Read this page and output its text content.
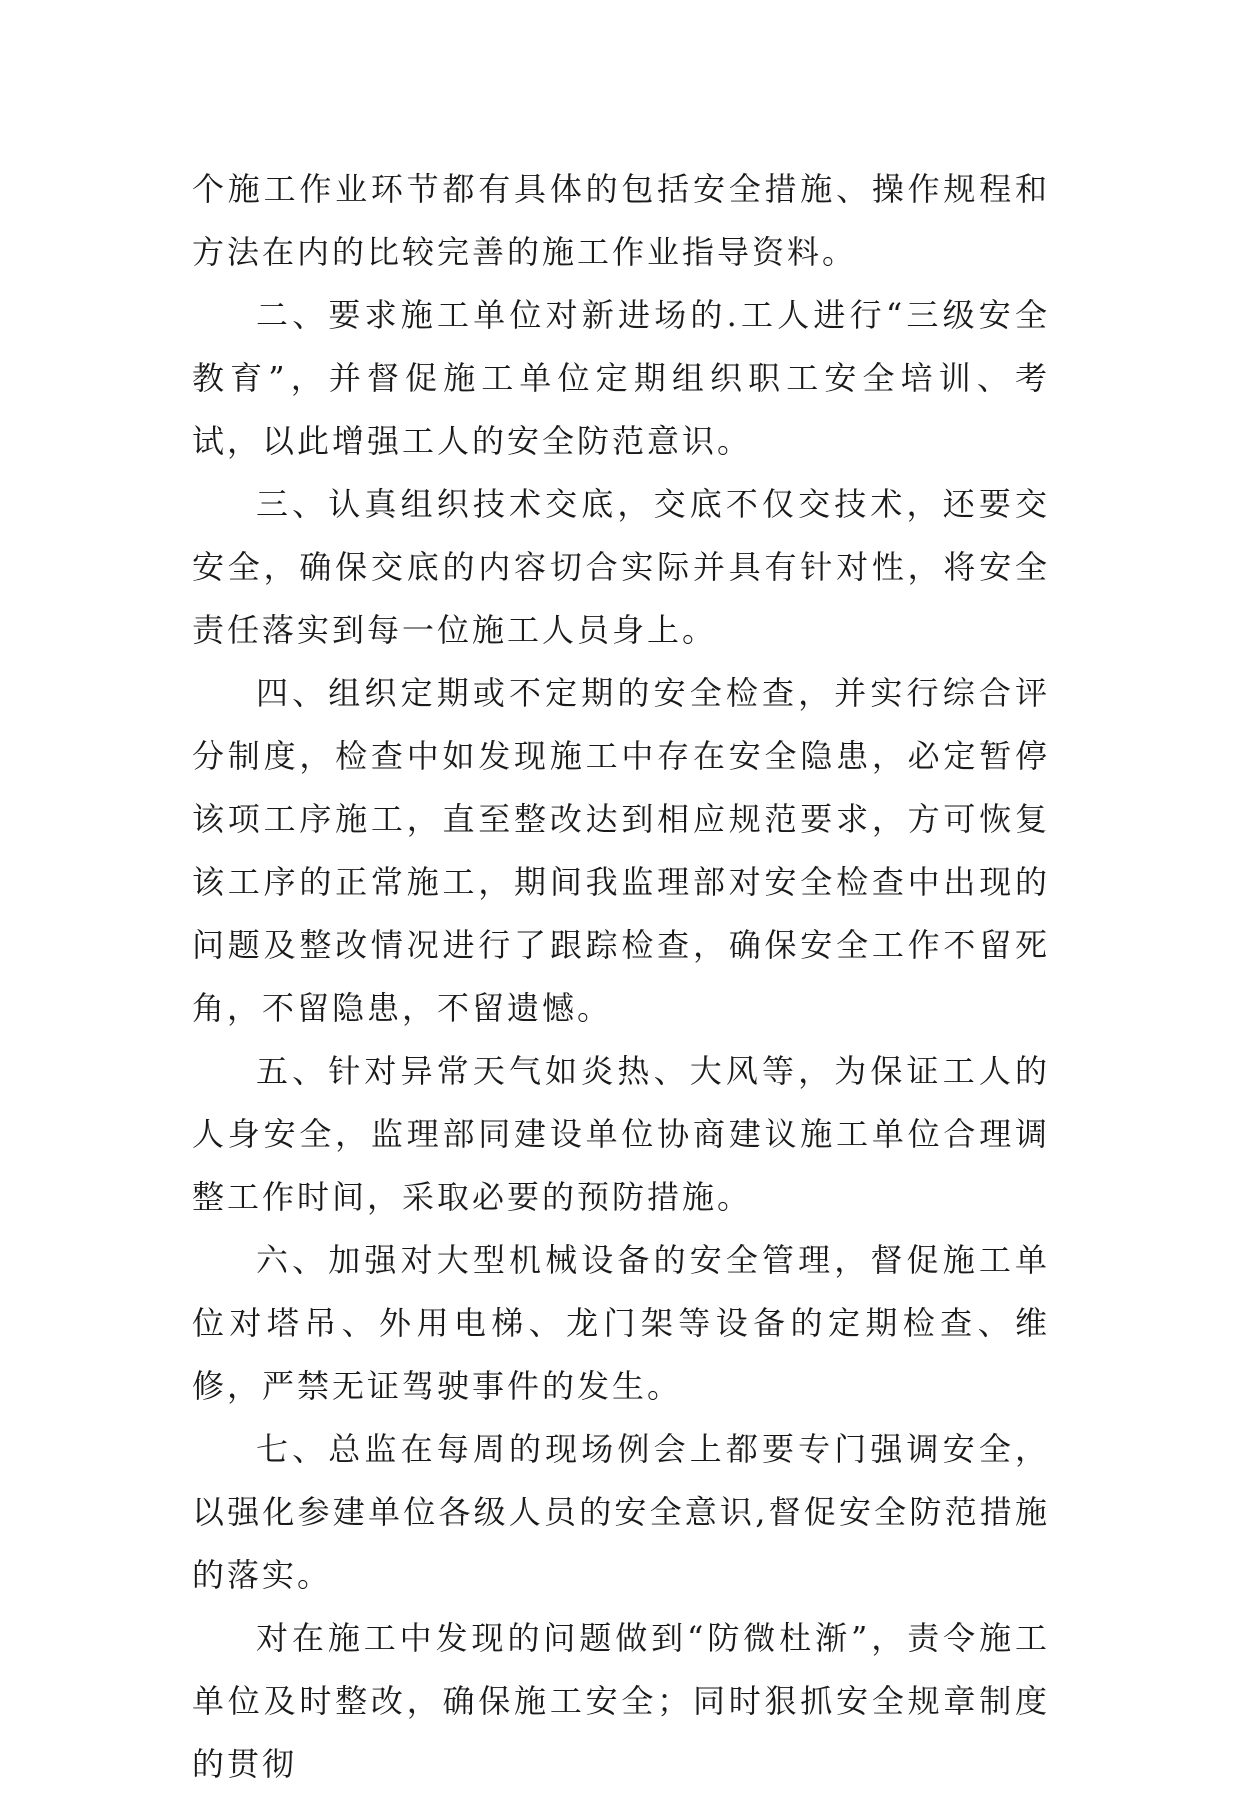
个施工作业环节都有具体的包括安全措施、操作规程和方法在内的比较完善的施工作业指导资料。

二、要求施工单位对新进场的.工人进行“三级安全教育”，并督促施工单位定期组织职工安全培训、考试，以此增强工人的安全防范意识。

三、认真组织技术交底，交底不仅交技术，还要交安全，确保交底的内容切合实际并具有针对性，将安全责任落实到每一位施工人员身上。

四、组织定期或不定期的安全检查，并实行综合评分制度，检查中如发现施工中存在安全隐患，必定暂停该项工序施工，直至整改达到相应规范要求，方可恢复该工序的正常施工，期间我监理部对安全检查中出现的问题及整改情况进行了跟踪检查，确保安全工作不留死角，不留隐患，不留遗憾。

五、针对异常天气如炎热、大风等，为保证工人的人身安全，监理部同建设单位协商建议施工单位合理调整工作时间，采取必要的预防措施。

六、加强对大型机械设备的安全管理，督促施工单位对塔吊、外用电梯、龙门架等设备的定期检查、维修，严禁无证驾驶事件的发生。

七、总监在每周的现场例会上都要专门强调安全，以强化参建单位各级人员的安全意识,督促安全防范措施的落实。

对在施工中发现的问题做到“防微杜渐”，责令施工单位及时整改，确保施工安全；同时狠抓安全规章制度的贯彻
